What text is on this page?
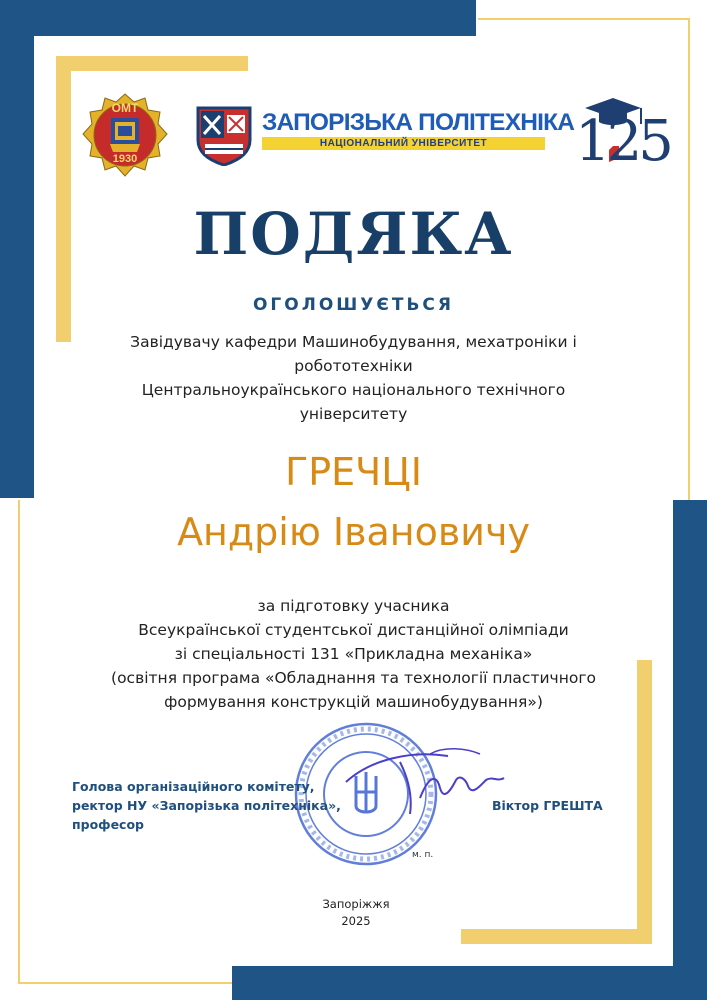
ОМТ
1930
ЗАПОРІЗЬКА ПОЛІТЕХНІКА
НАЦІОНАЛЬНИЙ УНІВЕРСИТЕТ	125
ПОДЯКА
ОГОЛОШУЄТЬСЯ
Завідувачу кафедри Машинобудування, мехатроніки і
робототехніки
Центральноукраїнського національного технічного
університету
ГРЕЧЦІ
Андрію Івановичу
за підготовку учасника
Всеукраїнської студентської дистанційної олімпіади
зі спеціальності 131 «Прикладна механіка»
(освітня програма «Обладнання та технології пластичного
формування конструкцій машинобудування»)
Голова організаційного комітету,
ректор НУ «Запорізька політехніка»,
професор
Віктор ГРЕШТА
м. п.
Запоріжжя
2025
